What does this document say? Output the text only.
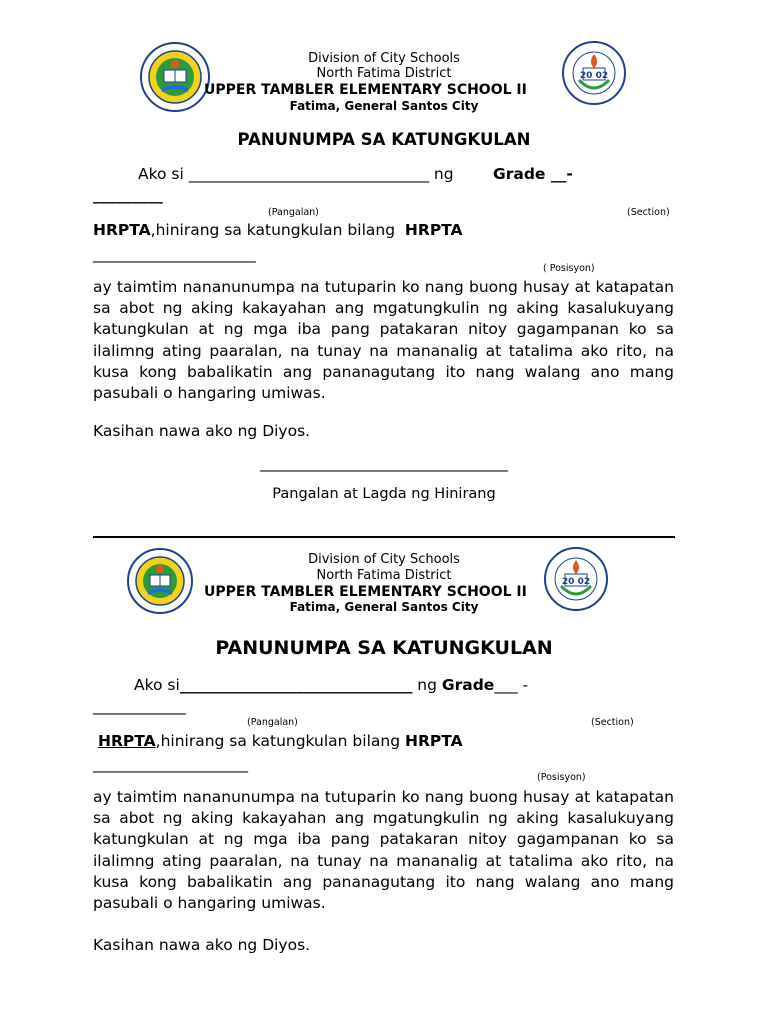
20 02
Division of City Schools
North Fatima District
UPPER TAMBLER ELEMENTARY SCHOOL II
Fatima, General Santos City
PANUNUMPA SA KATUNGKULAN
Ako si _______________________________ ng	Grade __-
_________
(Pangalan)	(Section)
HRPTA,hinirang sa katungkulan bilang HRPTA
_____________________
( Posisyon)
ay taimtim nananunumpa na tutuparin ko nang buong husay at katapatan sa abot ng aking kakayahan ang mgatungkulin ng aking kasalukuyang katungkulan at ng mga iba pang patakaran nitoy gagampanan ko sa ilalimng ating paaralan, na tunay na mananalig at tatalima ako rito, na kusa kong babalikatin ang pananagutang ito nang walang ano mang pasubali o hangaring umiwas.
Kasihan nawa ako ng Diyos.
________________________________
Pangalan at Lagda ng Hinirang
20 02
Division of City Schools
North Fatima District
UPPER TAMBLER ELEMENTARY SCHOOL II
Fatima, General Santos City
PANUNUMPA SA KATUNGKULAN
Ako si______________________________ ng Grade___ -
____________
(Pangalan)	(Section)
HRPTA,hinirang sa katungkulan bilang HRPTA
____________________
(Posisyon)
ay taimtim nananunumpa na tutuparin ko nang buong husay at katapatan sa abot ng aking kakayahan ang mgatungkulin ng aking kasalukuyang katungkulan at ng mga iba pang patakaran nitoy gagampanan ko sa ilalimng ating paaralan, na tunay na mananalig at tatalima ako rito, na kusa kong babalikatin ang pananagutang ito nang walang ano mang pasubali o hangaring umiwas.
Kasihan nawa ako ng Diyos.
